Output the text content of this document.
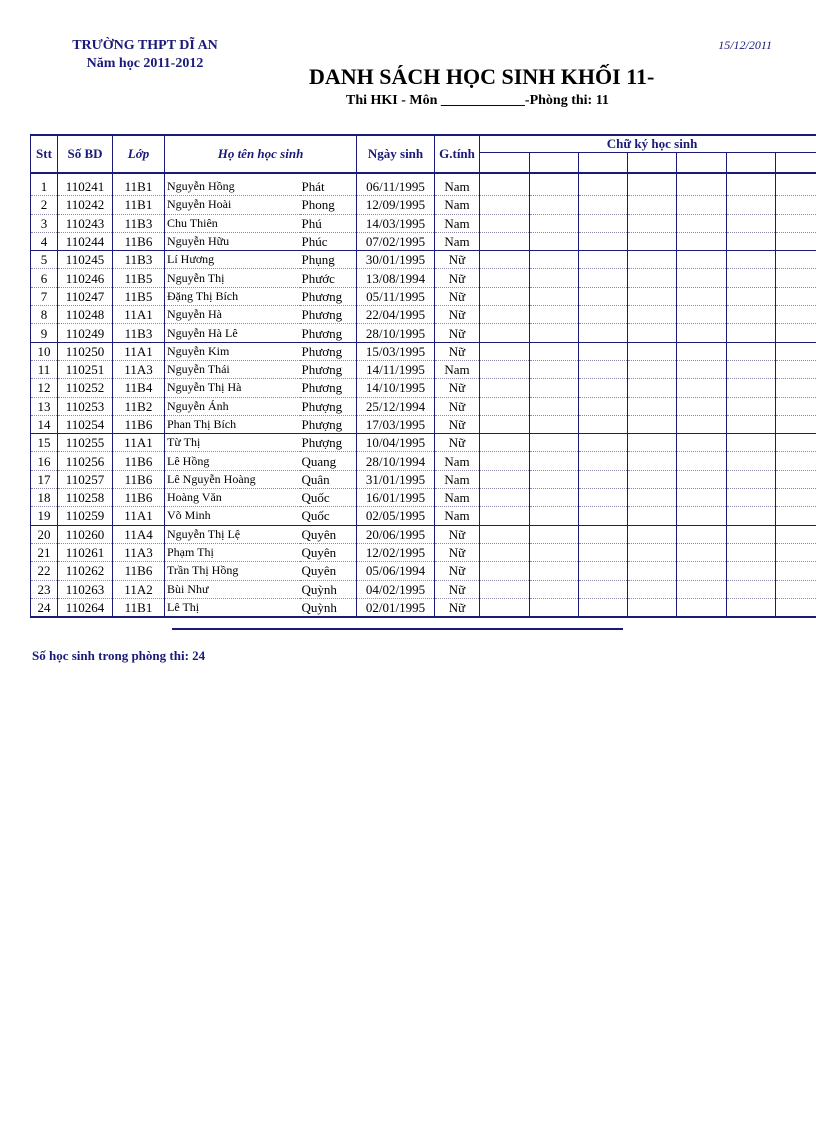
TRƯỜNG THPT DĨ AN
Năm học 2011-2012
15/12/2011
DANH SÁCH HỌC SINH KHỐI 11-
Thi HKI - Môn ____________-Phòng thi: 11
Stt	Số BD	Lớp	Họ tên học sinh		Ngày sinh	G.tính	Chữ ký học sinh						

1	110241	11B1	Nguyễn Hồng	Phát	06/11/1995	Nam							
2	110242	11B1	Nguyễn Hoài	Phong	12/09/1995	Nam							
3	110243	11B3	Chu Thiên	Phú	14/03/1995	Nam							
4	110244	11B6	Nguyễn Hữu	Phúc	07/02/1995	Nam							
5	110245	11B3	Lí Hương	Phụng	30/01/1995	Nữ							
6	110246	11B5	Nguyễn Thị	Phước	13/08/1994	Nữ							
7	110247	11B5	Đặng Thị Bích	Phương	05/11/1995	Nữ							
8	110248	11A1	Nguyễn Hà	Phương	22/04/1995	Nữ							
9	110249	11B3	Nguyễn Hà Lê	Phương	28/10/1995	Nữ							
10	110250	11A1	Nguyễn Kim	Phương	15/03/1995	Nữ							
11	110251	11A3	Nguyễn Thái	Phương	14/11/1995	Nam							
12	110252	11B4	Nguyễn Thị Hà	Phương	14/10/1995	Nữ							
13	110253	11B2	Nguyễn Ánh	Phượng	25/12/1994	Nữ							
14	110254	11B6	Phan Thị Bích	Phượng	17/03/1995	Nữ							
15	110255	11A1	Từ Thị	Phượng	10/04/1995	Nữ							
16	110256	11B6	Lê Hồng	Quang	28/10/1994	Nam							
17	110257	11B6	Lê Nguyễn Hoàng	Quân	31/01/1995	Nam							
18	110258	11B6	Hoàng Văn	Quốc	16/01/1995	Nam							
19	110259	11A1	Võ Minh	Quốc	02/05/1995	Nam							
20	110260	11A4	Nguyễn Thị Lệ	Quyên	20/06/1995	Nữ							
21	110261	11A3	Phạm Thị	Quyên	12/02/1995	Nữ							
22	110262	11B6	Trần Thị Hồng	Quyên	05/06/1994	Nữ							
23	110263	11A2	Bùi Như	Quỳnh	04/02/1995	Nữ							
24	110264	11B1	Lê Thị	Quỳnh	02/01/1995	Nữ							
Số học sinh trong phòng thi: 24
